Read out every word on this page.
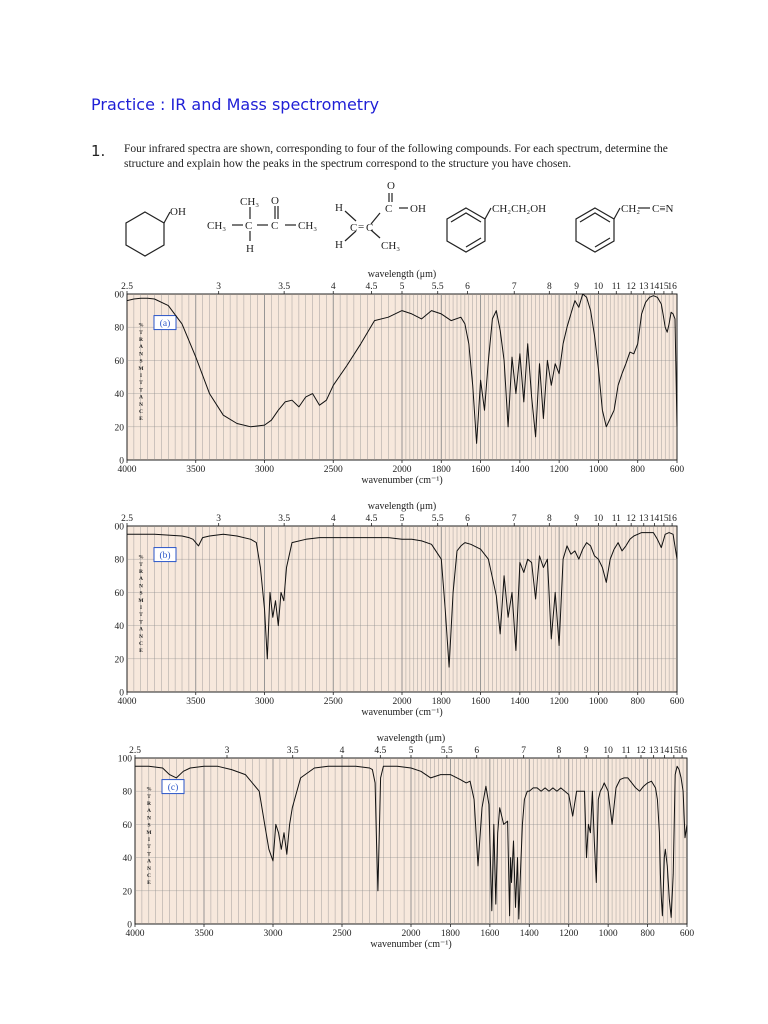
Practice : IR and Mass spectrometry
1. Four infrared spectra are shown, corresponding to four of the following compounds. For each spectrum, determine the structure and explain how the peaks in the spectrum correspond to the structure you have chosen.
OH
CH₃ O
CH₃ C C CH₃
H
O
H	C OH
C = C
H	CH₃
CH₂CH₂OH	CH₂ C≡N
4000	3500	3000	2500	2000 1800 1600 1400 1200 1000 800	600
wavenumber (cm⁻¹)
2.5	3	3.5	4	4.5 5	5.5 6	7	8 9 10 11 12 13 14 15
16
wavelength (μm)
0
20
40
60
80
00
%
T
R
A
N
S
M
I
T
T
A
N
C
E
(a)
4000	3500	3000	2500	2000 1800 1600 1400 1200 1000 800	600
wavenumber (cm⁻¹)
2.5	3	3.5	4	4.5 5	5.5 6	7	8 9 10 11 12 13 14 15
16
wavelength (μm)
0
20
40
60
80
00
%
T
R
A
N
S
M
I
T
T
A
N
C
E
(b)
4000	3500	3000	2500	2000 1800 1600 1400 1200 1000 800	600
wavenumber (cm⁻¹)
2.5	3	3.5	4	4.5 5	5.5 6	7	8 9 10 11 12 13 14 15
16
wavelength (μm)
0
20
40
60
80
100
%
T
R
A
N
S
M
I
T
T
A
N
C
E
(c)
